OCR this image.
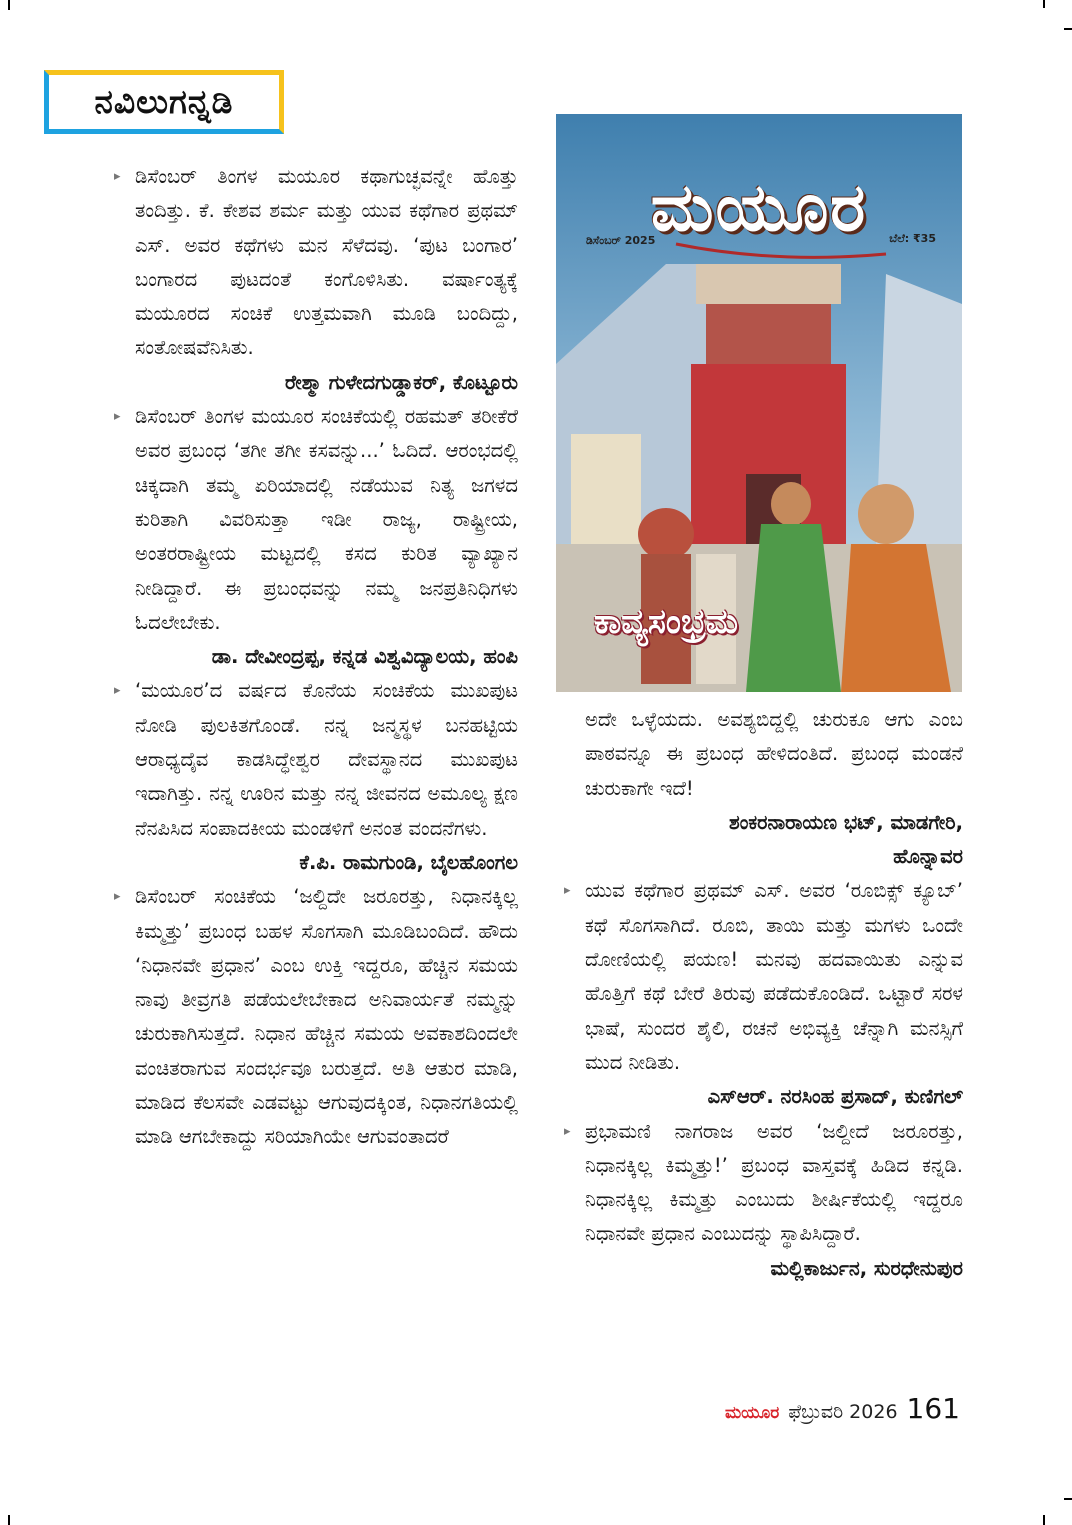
ನವಿಲುಗನ್ನಡಿ
▸ ಡಿಸೆಂಬರ್ ತಿಂಗಳ ಮಯೂರ ಕಥಾಗುಚ್ಛವನ್ನೇ ಹೊತ್ತು ತಂದಿತ್ತು. ಕೆ. ಕೇಶವ ಶರ್ಮ ಮತ್ತು ಯುವ ಕಥೆಗಾರ ಪ್ರಥಮ್ ಎಸ್. ಅವರ ಕಥೆಗಳು ಮನ ಸೆಳೆದವು. ‘ಪುಟ ಬಂಗಾರ’ ಬಂಗಾರದ ಪುಟದಂತೆ ಕಂಗೊಳಿಸಿತು. ವರ್ಷಾಂತ್ಯಕ್ಕೆ ಮಯೂರದ ಸಂಚಿಕೆ ಉತ್ತಮವಾಗಿ ಮೂಡಿ ಬಂದಿದ್ದು, ಸಂತೋಷವೆನಿಸಿತು.
ರೇಶ್ಮಾ ಗುಳೇದಗುಡ್ಡಾಕರ್, ಕೊಟ್ಟೂರು
▸ ಡಿಸೆಂಬರ್ ತಿಂಗಳ ಮಯೂರ ಸಂಚಿಕೆಯಲ್ಲಿ ರಹಮತ್ ತರೀಕೆರೆ ಅವರ ಪ್ರಬಂಧ ‘ತಗೀ ತಗೀ ಕಸವನ್ನು...’ ಓದಿದೆ. ಆರಂಭದಲ್ಲಿ ಚಿಕ್ಕದಾಗಿ ತಮ್ಮ ಏರಿಯಾದಲ್ಲಿ ನಡೆಯುವ ನಿತ್ಯ ಜಗಳದ ಕುರಿತಾಗಿ ವಿವರಿಸುತ್ತಾ ಇಡೀ ರಾಜ್ಯ, ರಾಷ್ಟ್ರೀಯ, ಅಂತರರಾಷ್ಟ್ರೀಯ ಮಟ್ಟದಲ್ಲಿ ಕಸದ ಕುರಿತ ವ್ಯಾಖ್ಯಾನ ನೀಡಿದ್ದಾರೆ. ಈ ಪ್ರಬಂಧವನ್ನು ನಮ್ಮ ಜನಪ್ರತಿನಿಧಿಗಳು ಓದಲೇಬೇಕು.
ಡಾ. ದೇವೀಂದ್ರಪ್ಪ, ಕನ್ನಡ ವಿಶ್ವವಿದ್ಯಾಲಯ, ಹಂಪಿ
▸ ‘ಮಯೂರ’ದ ವರ್ಷದ ಕೊನೆಯ ಸಂಚಿಕೆಯ ಮುಖಪುಟ ನೋಡಿ ಪುಲಕಿತಗೊಂಡೆ. ನನ್ನ ಜನ್ಮಸ್ಥಳ ಬನಹಟ್ಟಿಯ ಆರಾಧ್ಯದೈವ ಕಾಡಸಿದ್ಧೇಶ್ವರ ದೇವಸ್ಥಾನದ ಮುಖಪುಟ ಇದಾಗಿತ್ತು. ನನ್ನ ಊರಿನ ಮತ್ತು ನನ್ನ ಜೀವನದ ಅಮೂಲ್ಯ ಕ್ಷಣ ನೆನಪಿಸಿದ ಸಂಪಾದಕೀಯ ಮಂಡಳಿಗೆ ಅನಂತ ವಂದನೆಗಳು.
ಕೆ.ಪಿ. ರಾಮಗುಂಡಿ, ಬೈಲಹೊಂಗಲ
▸ ಡಿಸೆಂಬರ್ ಸಂಚಿಕೆಯ ‘ಜಲ್ದಿದೇ ಜರೂರತ್ತು, ನಿಧಾನಕ್ಕಿಲ್ಲ ಕಿಮ್ಮತ್ತು’ ಪ್ರಬಂಧ ಬಹಳ ಸೊಗಸಾಗಿ ಮೂಡಿಬಂದಿದೆ. ಹೌದು ‘ನಿಧಾನವೇ ಪ್ರಧಾನ’ ಎಂಬ ಉಕ್ತಿ ಇದ್ದರೂ, ಹೆಚ್ಚಿನ ಸಮಯ ನಾವು ತೀವ್ರಗತಿ ಪಡೆಯಲೇಬೇಕಾದ ಅನಿವಾರ್ಯತೆ ನಮ್ಮನ್ನು ಚುರುಕಾಗಿಸುತ್ತದೆ. ನಿಧಾನ ಹೆಚ್ಚಿನ ಸಮಯ ಅವಕಾಶದಿಂದಲೇ ವಂಚಿತರಾಗುವ ಸಂದರ್ಭವೂ ಬರುತ್ತದೆ. ಅತಿ ಆತುರ ಮಾಡಿ, ಮಾಡಿದ ಕೆಲಸವೇ ಎಡವಟ್ಟು ಆಗುವುದಕ್ಕಿಂತ, ನಿಧಾನಗತಿಯಲ್ಲಿ ಮಾಡಿ ಆಗಬೇಕಾದ್ದು ಸರಿಯಾಗಿಯೇ ಆಗುವಂತಾದರೆ
ಮಯೂರ
ಡಿಸೆಂಬರ್ 2025	ಬೆಲೆ: ₹35
ಕಾವ್ಯಸಂಭ್ರಮ
ಅದೇ ಒಳ್ಳೆಯದು. ಅವಶ್ಯಬಿದ್ದಲ್ಲಿ ಚುರುಕೂ ಆಗು ಎಂಬ ಪಾಠವನ್ನೂ ಈ ಪ್ರಬಂಧ ಹೇಳಿದಂತಿದೆ. ಪ್ರಬಂಧ ಮಂಡನೆ ಚುರುಕಾಗೇ ಇದೆ!
ಶಂಕರನಾರಾಯಣ ಭಟ್, ಮಾಡಗೇರಿ,
ಹೊನ್ನಾವರ
▸ ಯುವ ಕಥೆಗಾರ ಪ್ರಥಮ್ ಎಸ್. ಅವರ ‘ರೂಬಿಕ್ಸ್ ಕ್ಯೂಬ್’ ಕಥೆ ಸೊಗಸಾಗಿದೆ. ರೂಬಿ, ತಾಯಿ ಮತ್ತು ಮಗಳು ಒಂದೇ ದೋಣಿಯಲ್ಲಿ ಪಯಣ! ಮನವು ಹದವಾಯಿತು ಎನ್ನುವ ಹೊತ್ತಿಗೆ ಕಥೆ ಬೇರೆ ತಿರುವು ಪಡೆದುಕೊಂಡಿದೆ. ಒಟ್ಟಾರೆ ಸರಳ ಭಾಷೆ, ಸುಂದರ ಶೈಲಿ, ರಚನೆ ಅಭಿವ್ಯಕ್ತಿ ಚೆನ್ನಾಗಿ ಮನಸ್ಸಿಗೆ ಮುದ ನೀಡಿತು.
ಎಸ್‌ಆರ್. ನರಸಿಂಹ ಪ್ರಸಾದ್, ಕುಣಿಗಲ್
▸ ಪ್ರಭಾಮಣಿ ನಾಗರಾಜ ಅವರ ‘ಜಲ್ದೀದೆ ಜರೂರತ್ತು, ನಿಧಾನಕ್ಕಿಲ್ಲ ಕಿಮ್ಮತ್ತು!’ ಪ್ರಬಂಧ ವಾಸ್ತವಕ್ಕೆ ಹಿಡಿದ ಕನ್ನಡಿ. ನಿಧಾನಕ್ಕಿಲ್ಲ ಕಿಮ್ಮತ್ತು ಎಂಬುದು ಶೀರ್ಷಿಕೆಯಲ್ಲಿ ಇದ್ದರೂ ನಿಧಾನವೇ ಪ್ರಧಾನ ಎಂಬುದನ್ನು ಸ್ಥಾಪಿಸಿದ್ದಾರೆ.
ಮಲ್ಲಿಕಾರ್ಜುನ, ಸುರಧೇನುಪುರ
ಮಯೂರ ಫೆಬ್ರುವರಿ 2026 161
